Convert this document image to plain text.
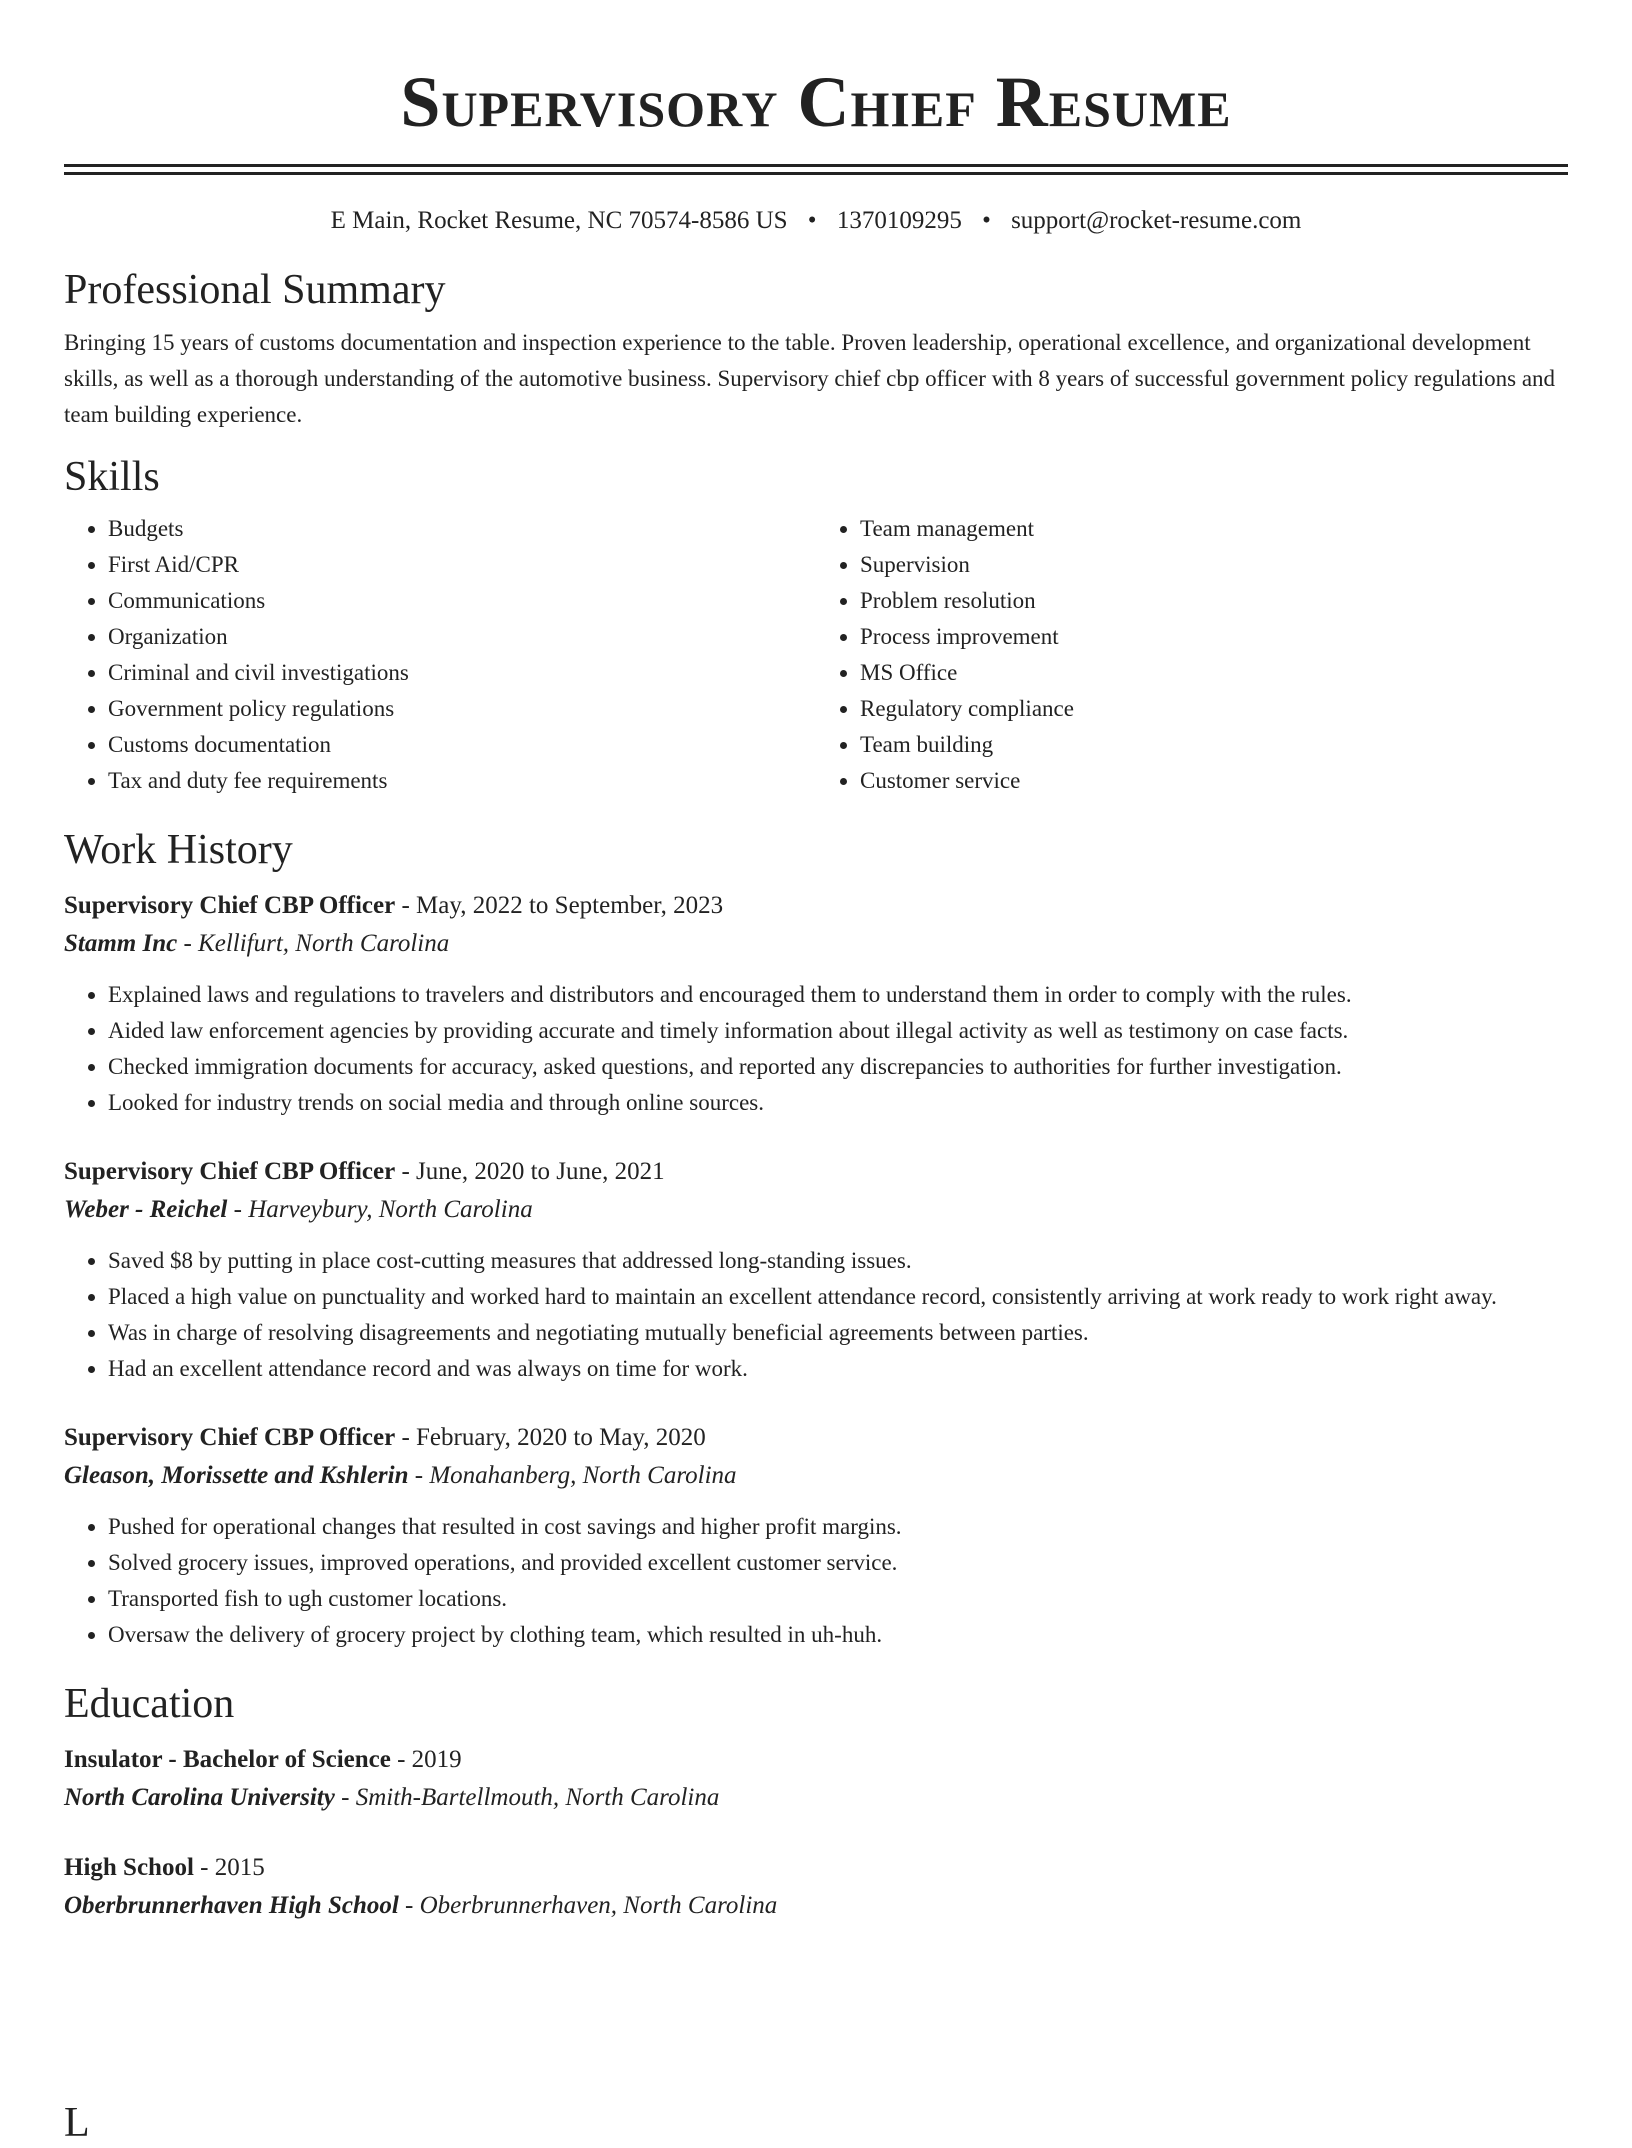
Supervisory Chief Resume
E Main, Rocket Resume, NC 70574-8586 US • 1370109295 • support@rocket-resume.com
Professional Summary

Bringing 15 years of customs documentation and inspection experience to the table. Proven leadership, operational excellence, and organizational development skills, as well as a thorough understanding of the automotive business. Supervisory chief cbp officer with 8 years of successful government policy regulations and team building experience.

Skills
• Budgets
• First Aid/CPR
• Communications
• Organization
• Criminal and civil investigations
• Government policy regulations
• Customs documentation
• Tax and duty fee requirements
• Team management
• Supervision
• Problem resolution
• Process improvement
• MS Office
• Regulatory compliance
• Team building
• Customer service
Work History
Supervisory Chief CBP Officer - May, 2022 to September, 2023
Stamm Inc - Kellifurt, North Carolina
• Explained laws and regulations to travelers and distributors and encouraged them to understand them in order to comply with the rules.
• Aided law enforcement agencies by providing accurate and timely information about illegal activity as well as testimony on case facts.
• Checked immigration documents for accuracy, asked questions, and reported any discrepancies to authorities for further investigation.
• Looked for industry trends on social media and through online sources.
Supervisory Chief CBP Officer - June, 2020 to June, 2021
Weber - Reichel - Harveybury, North Carolina
• Saved $8 by putting in place cost-cutting measures that addressed long-standing issues.
• Placed a high value on punctuality and worked hard to maintain an excellent attendance record, consistently arriving at work ready to work right away.
• Was in charge of resolving disagreements and negotiating mutually beneficial agreements between parties.
• Had an excellent attendance record and was always on time for work.
Supervisory Chief CBP Officer - February, 2020 to May, 2020
Gleason, Morissette and Kshlerin - Monahanberg, North Carolina
• Pushed for operational changes that resulted in cost savings and higher profit margins.
• Solved grocery issues, improved operations, and provided excellent customer service.
• Transported fish to ugh customer locations.
• Oversaw the delivery of grocery project by clothing team, which resulted in uh-huh.
Education
Insulator - Bachelor of Science - 2019
North Carolina University - Smith-Bartellmouth, North Carolina
High School - 2015
Oberbrunnerhaven High School - Oberbrunnerhaven, North Carolina
L
